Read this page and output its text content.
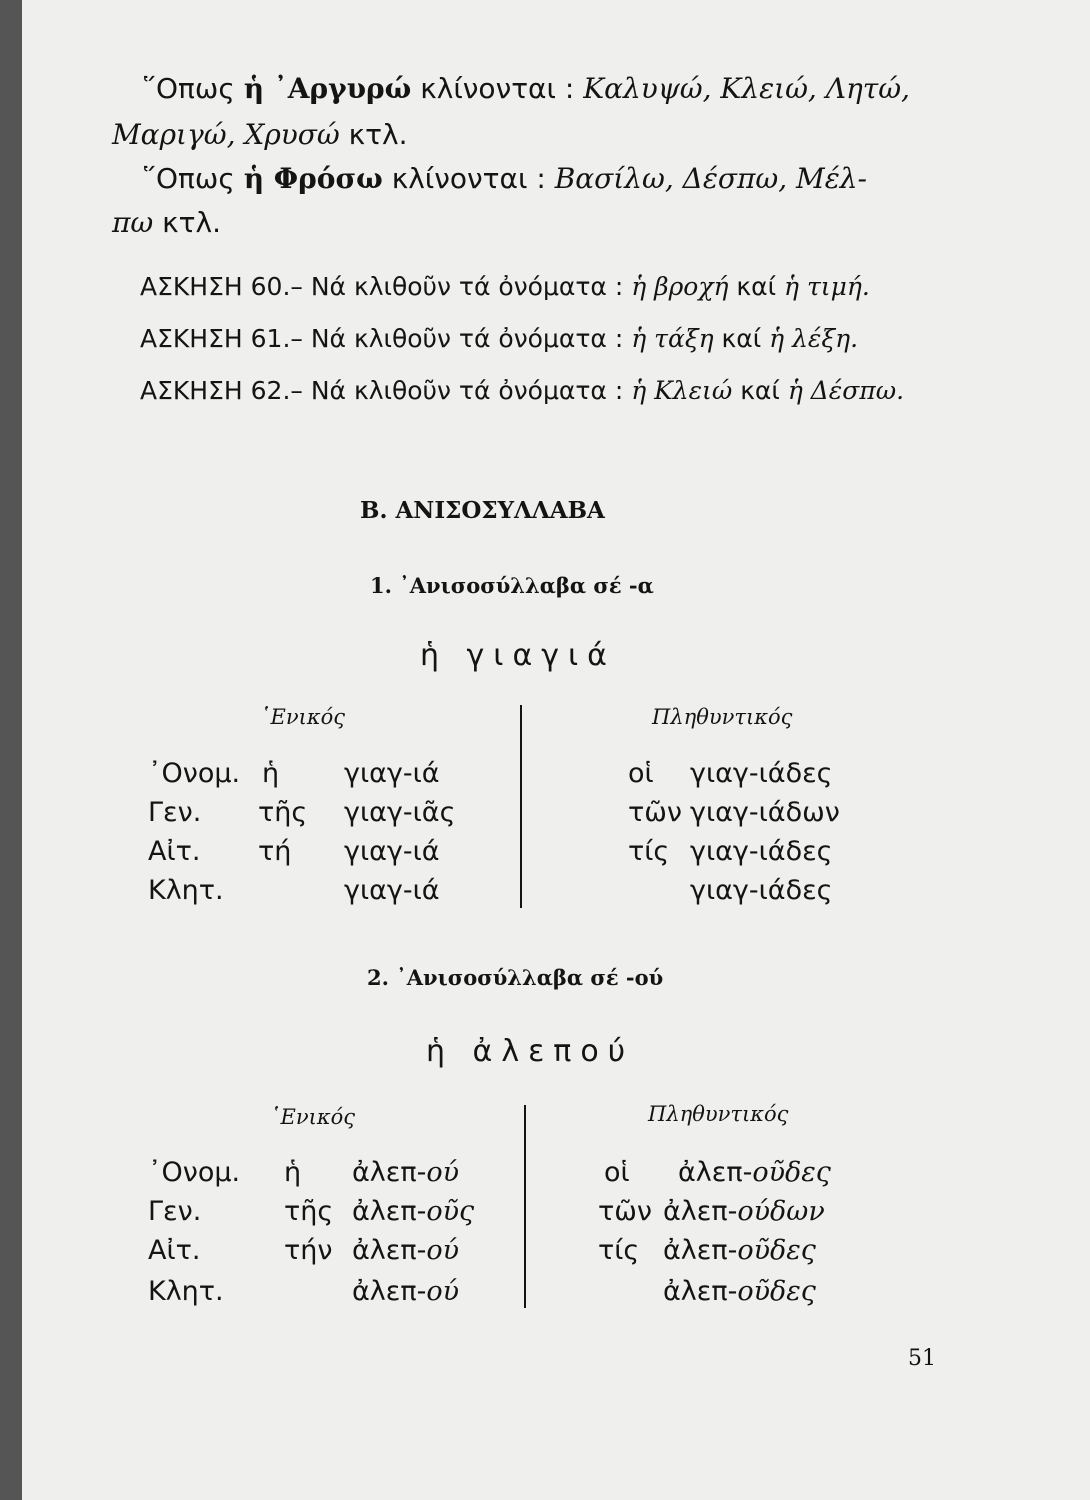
῞Οπως ἡ ᾿Αργυρώ κλίνονται : Καλυψώ, Κλειώ, Λητώ,
Μαριγώ, Χρυσώ κτλ.
῞Οπως ἡ Φρόσω κλίνονται : Βασίλω, Δέσπω, Μέλ-
πω κτλ.
ΑΣΚΗΣΗ 60.– Νά κλιθοῦν τά ὀνόματα : ἡ βροχή καί ἡ τιμή.
ΑΣΚΗΣΗ 61.– Νά κλιθοῦν τά ὀνόματα : ἡ τάξη καί ἡ λέξη.
ΑΣΚΗΣΗ 62.– Νά κλιθοῦν τά ὀνόματα : ἡ Κλειώ καί ἡ Δέσπω.
Β. ΑΝΙΣΟΣΥΛΛΑΒΑ
1. ᾿Ανισοσύλλαβα σέ -α
ἡ γιαγιά
῾Ενικός	Πληθυντικός
᾿Ονομ. ἡ γιαγ-ιά	οἱ γιαγ-ιάδες
Γεν. τῆς γιαγ-ιᾶς	τῶν γιαγ-ιάδων
Αἰτ. τή γιαγ-ιά	τίς γιαγ-ιάδες
Κλητ.	γιαγ-ιά	γιαγ-ιάδες
2. ᾿Ανισοσύλλαβα σέ -ού
ἡ ἀλεπού
῾Ενικός	Πληθυντικός
᾿Ονομ. ἡ ἀλεπ-ού	οἱ ἀλεπ-οῦδες
Γεν.	τῆς ἀλεπ-οῦς	τῶν ἀλεπ-ούδων
Αἰτ.	τήν ἀλεπ-ού	τίς ἀλεπ-οῦδες
Κλητ.	ἀλεπ-ού	ἀλεπ-οῦδες
51
